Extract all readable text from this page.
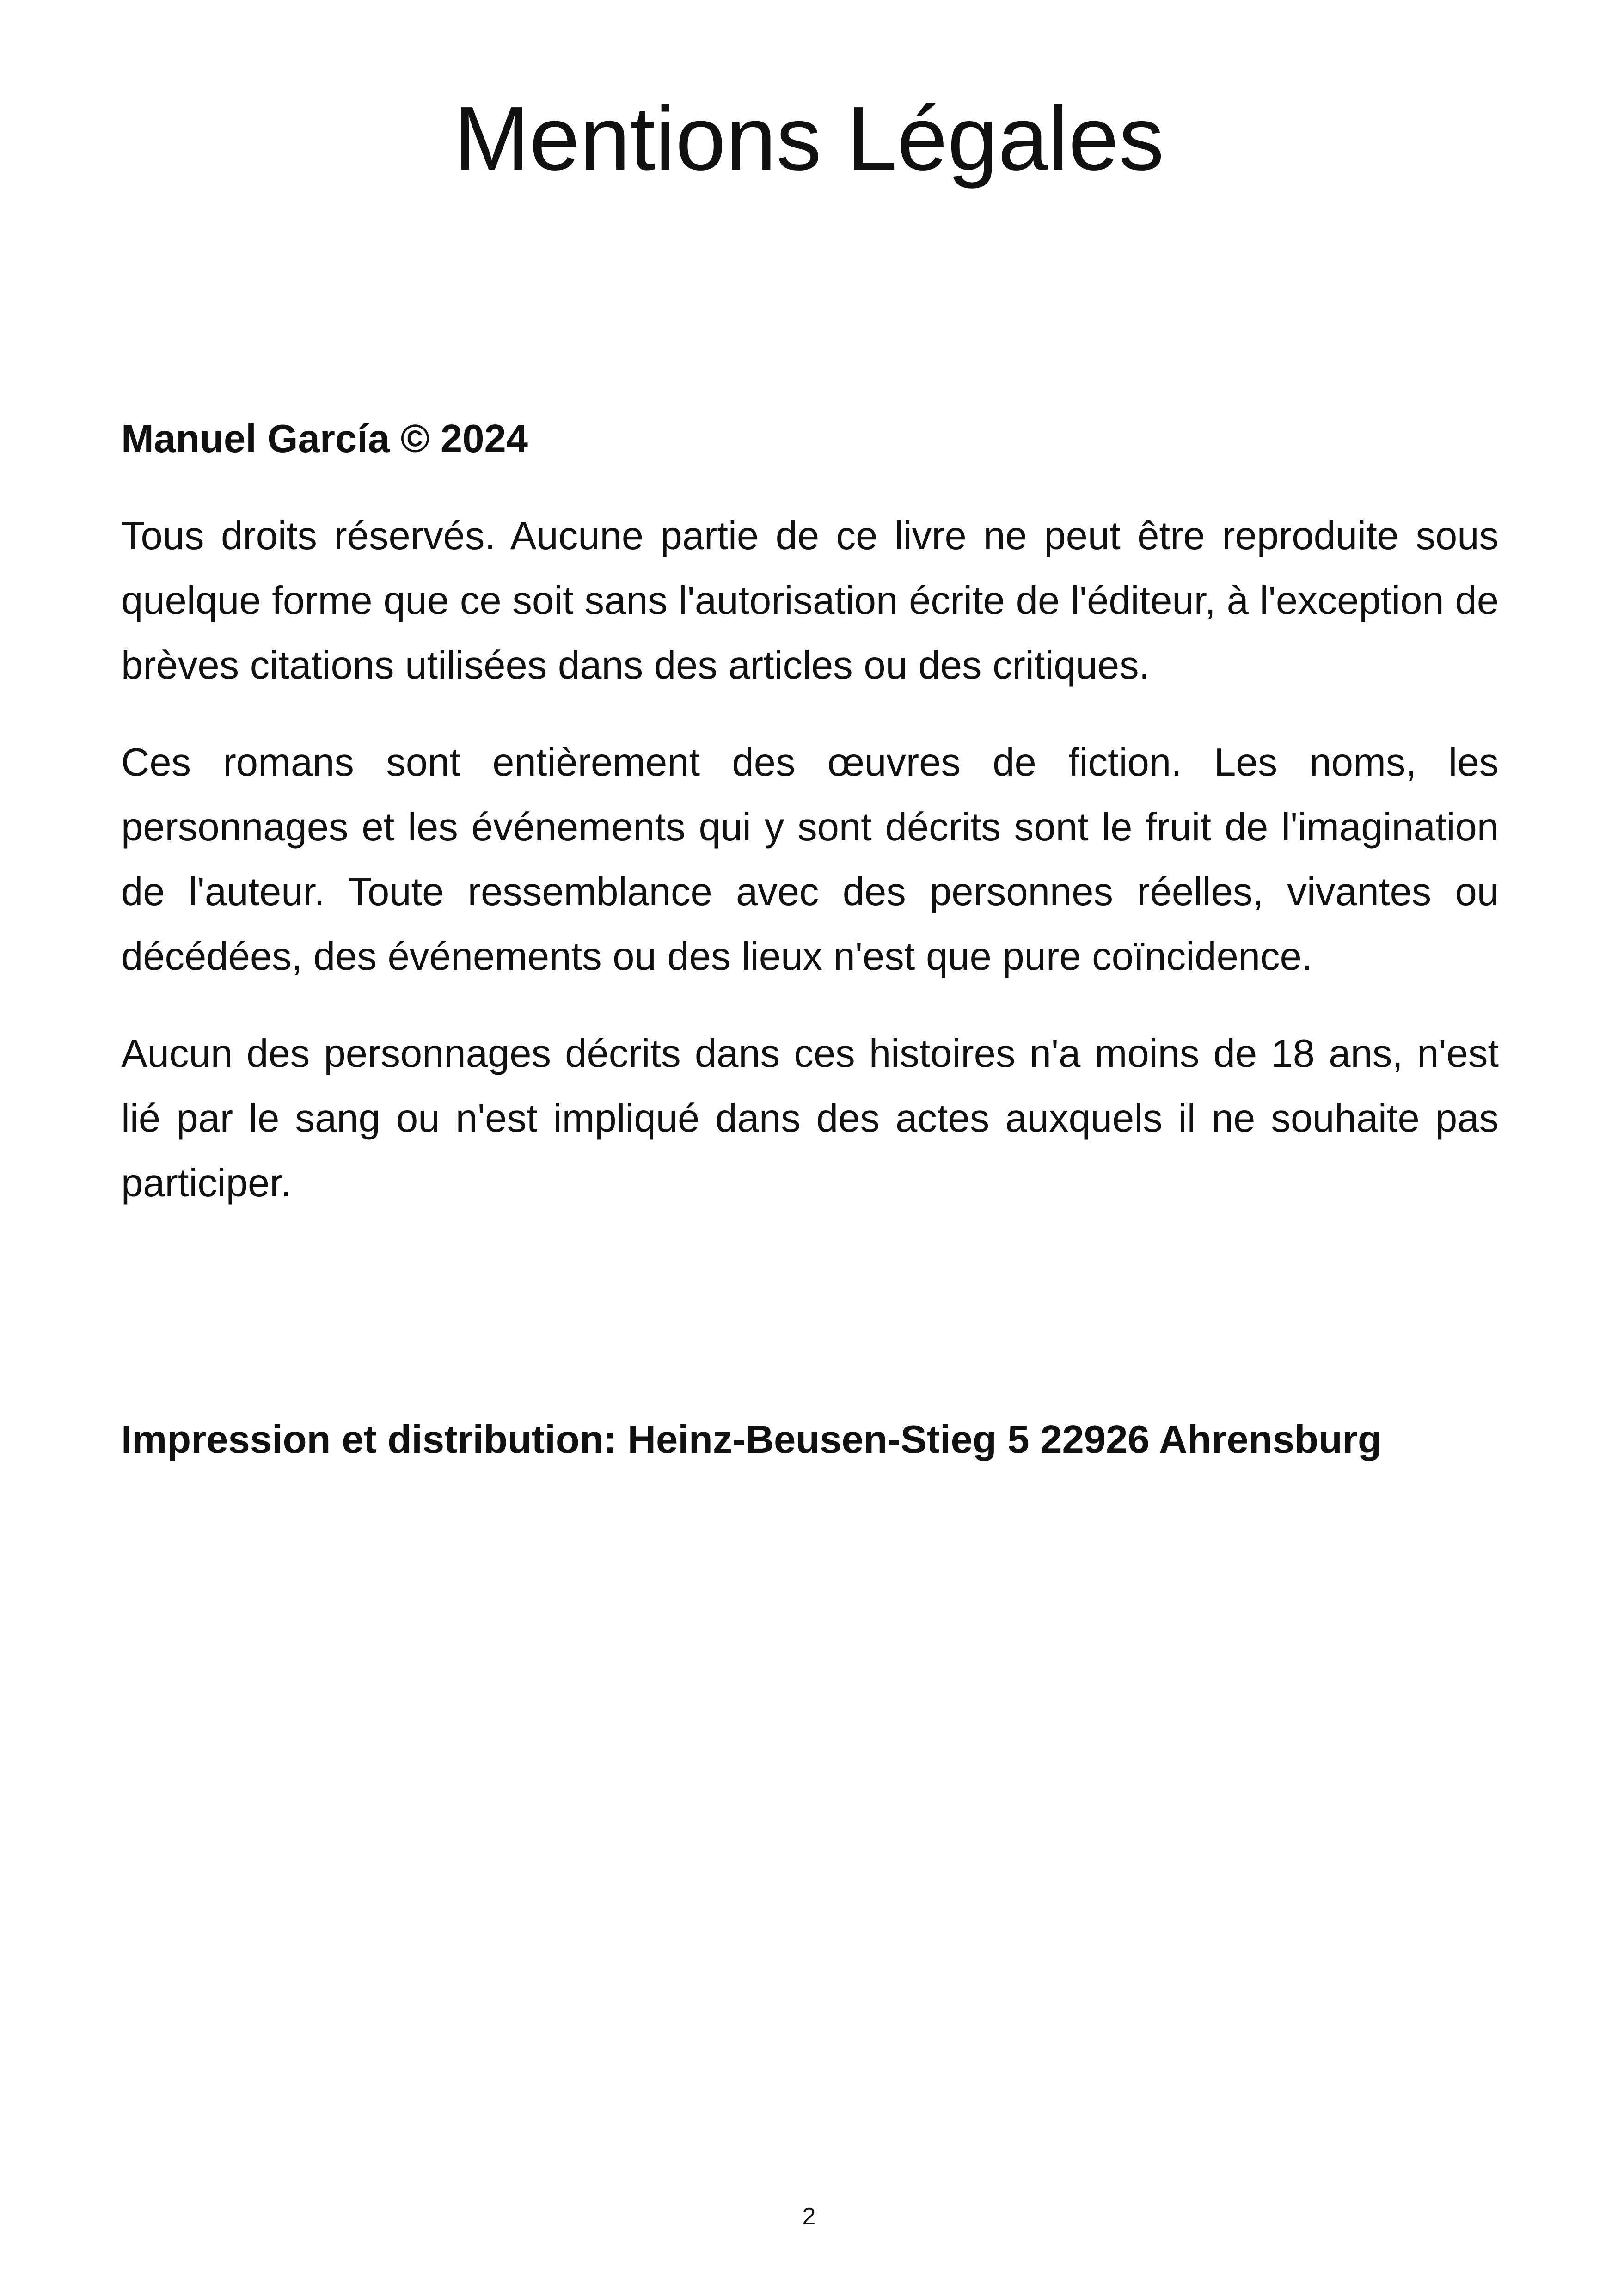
Mentions Légales

Manuel García © 2024

Tous droits réservés. Aucune partie de ce livre ne peut être reproduite sous quelque forme que ce soit sans l'autorisation écrite de l'éditeur, à l'exception de brèves citations utilisées dans des articles ou des critiques.

Ces romans sont entièrement des œuvres de fiction. Les noms, les personnages et les événements qui y sont décrits sont le fruit de l'imagination de l'auteur. Toute ressemblance avec des personnes réelles, vivantes ou décédées, des événements ou des lieux n'est que pure coïncidence.

Aucun des personnages décrits dans ces histoires n'a moins de 18 ans, n'est lié par le sang ou n'est impliqué dans des actes auxquels il ne souhaite pas participer.

Impression et distribution: Heinz-Beusen-Stieg 5 22926 Ahrensburg

2
